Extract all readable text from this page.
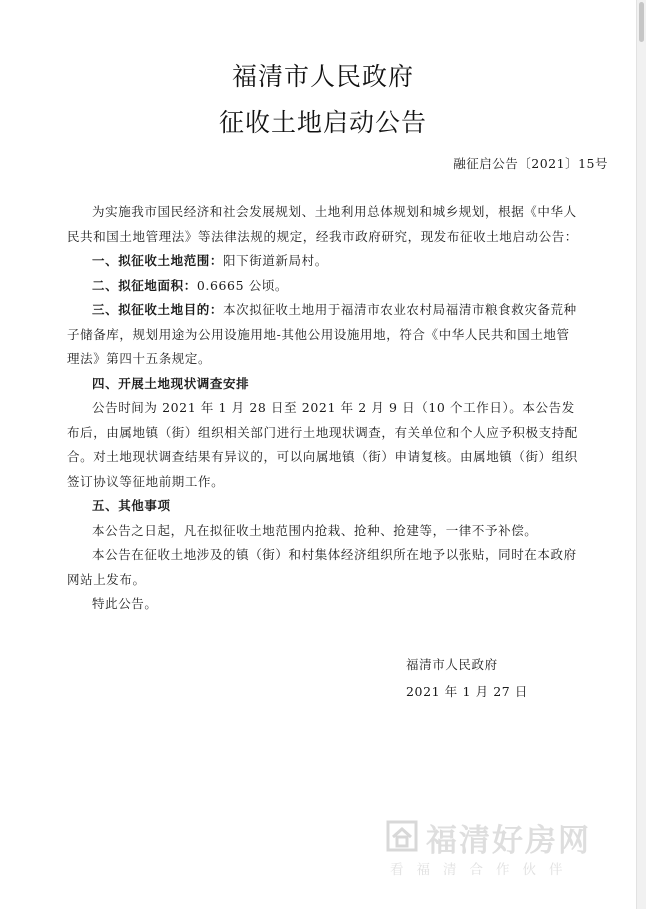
福清市人民政府
征收土地启动公告
融征启公告〔2021〕15号

为实施我市国民经济和社会发展规划、土地利用总体规划和城乡规划，根据《中华人民共和国土地管理法》等法律法规的规定，经我市政府研究，现发布征收土地启动公告：

一、拟征收土地范围：阳下街道新局村。

二、拟征地面积：0.6665 公顷。

三、拟征收土地目的：本次拟征收土地用于福清市农业农村局福清市粮食救灾备荒种子储备库，规划用途为公用设施用地-其他公用设施用地，符合《中华人民共和国土地管理法》第四十五条规定。

四、开展土地现状调查安排

公告时间为 2021 年 1 月 28 日至 2021 年 2 月 9 日（10 个工作日）。本公告发布后，由属地镇（街）组织相关部门进行土地现状调查，有关单位和个人应予积极支持配合。对土地现状调查结果有异议的，可以向属地镇（街）申请复核。由属地镇（街）组织签订协议等征地前期工作。

五、其他事项

本公告之日起，凡在拟征收土地范围内抢栽、抢种、抢建等，一律不予补偿。

本公告在征收土地涉及的镇（街）和村集体经济组织所在地予以张贴，同时在本政府网站上发布。

特此公告。

福清市人民政府
2021 年 1 月 27 日
福清好房网
看福清合作伙伴
